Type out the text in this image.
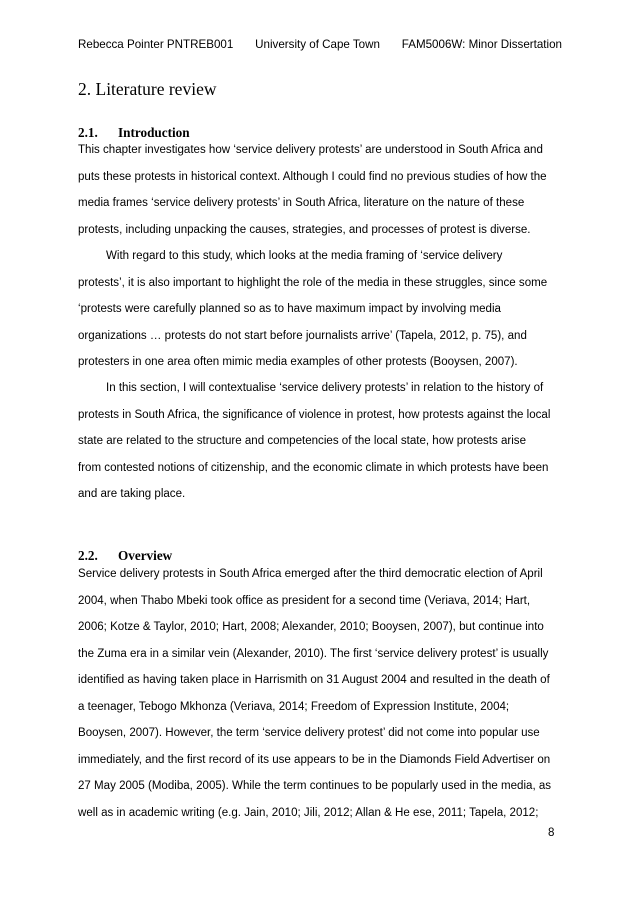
Rebecca Pointer PNTREB001 University of Cape Town FAM5006W: Minor Dissertation
2. Literature review
2.1. Introduction

This chapter investigates how ‘service delivery protests’ are understood in South Africa and
puts these protests in historical context. Although I could find no previous studies of how the
media frames ‘service delivery protests’ in South Africa, literature on the nature of these
protests, including unpacking the causes, strategies, and processes of protest is diverse.

With regard to this study, which looks at the media framing of ‘service delivery
protests’, it is also important to highlight the role of the media in these struggles, since some
‘protests were carefully planned so as to have maximum impact by involving media
organizations … protests do not start before journalists arrive’ (Tapela, 2012, p. 75), and
protesters in one area often mimic media examples of other protests (Booysen, 2007).

In this section, I will contextualise ‘service delivery protests’ in relation to the history of
protests in South Africa, the significance of violence in protest, how protests against the local
state are related to the structure and competencies of the local state, how protests arise
from contested notions of citizenship, and the economic climate in which protests have been
and are taking place.

2.2. Overview

Service delivery protests in South Africa emerged after the third democratic election of April
2004, when Thabo Mbeki took office as president for a second time (Veriava, 2014; Hart,
2006; Kotze & Taylor, 2010; Hart, 2008; Alexander, 2010; Booysen, 2007), but continue into
the Zuma era in a similar vein (Alexander, 2010). The first ‘service delivery protest’ is usually
identified as having taken place in Harrismith on 31 August 2004 and resulted in the death of
a teenager, Tebogo Mkhonza (Veriava, 2014; Freedom of Expression Institute, 2004;
Booysen, 2007). However, the term ‘service delivery protest’ did not come into popular use
immediately, and the first record of its use appears to be in the Diamonds Field Advertiser on
27 May 2005 (Modiba, 2005). While the term continues to be popularly used in the media, as
well as in academic writing (e.g. Jain, 2010; Jili, 2012; Allan & He ese, 2011; Tapela, 2012;

8
